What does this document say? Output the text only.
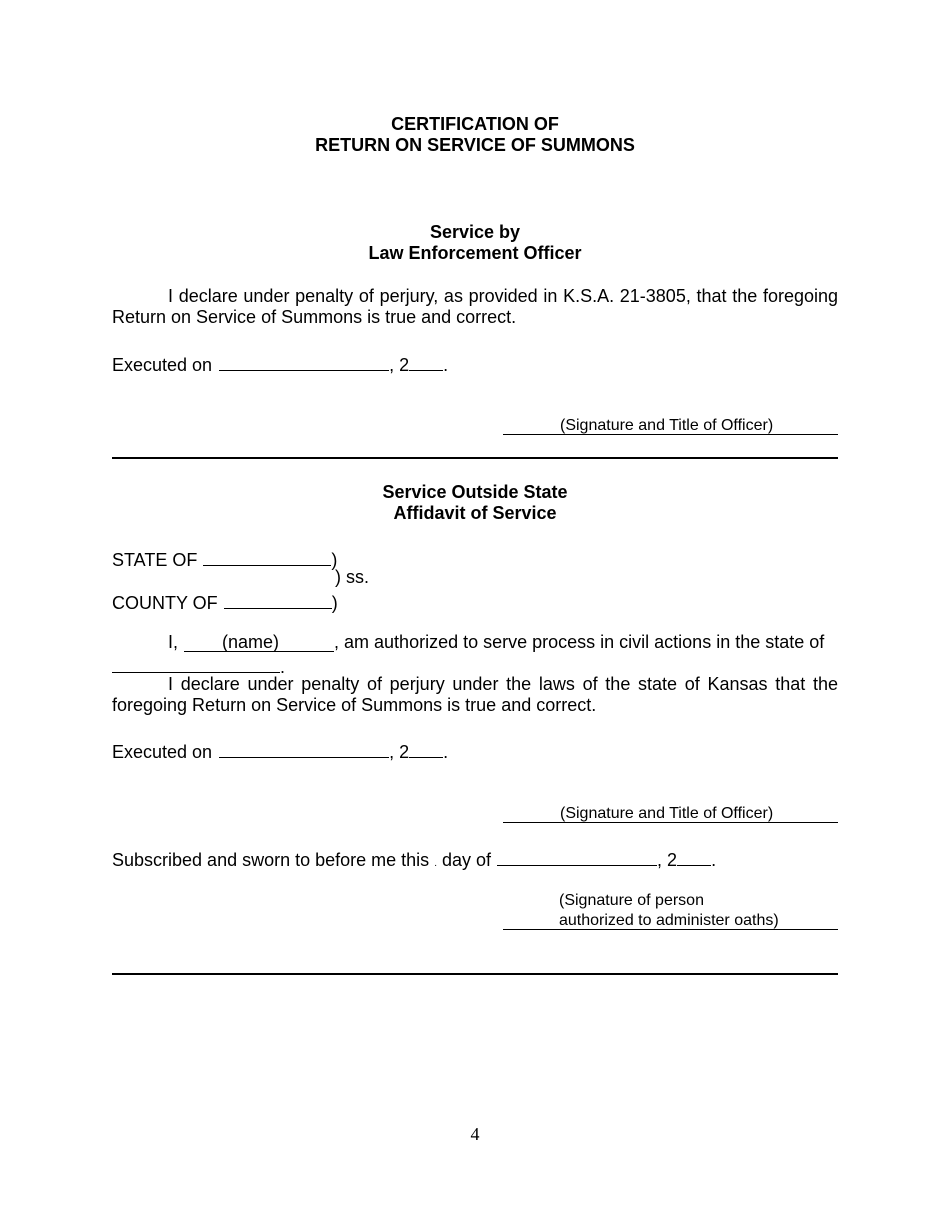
CERTIFICATION OF
RETURN ON SERVICE OF SUMMONS
Service by
Law Enforcement Officer
I declare under penalty of perjury, as provided in K.S.A. 21-3805, that the foregoing Return on Service of Summons is true and correct.
Executed on	, 2 .
(Signature and Title of Officer)
Service Outside State
Affidavit of Service
STATE OF	)
) ss.
COUNTY OF	)
I, (name)	, am authorized to serve process in civil actions in the state of
.
I declare under penalty of perjury under the laws of the state of Kansas that the foregoing Return on Service of Summons is true and correct.
Executed on	, 2 .
(Signature and Title of Officer)
Subscribed and sworn to before me this . day of	, 2 .
(Signature of person
authorized to administer oaths)
4
